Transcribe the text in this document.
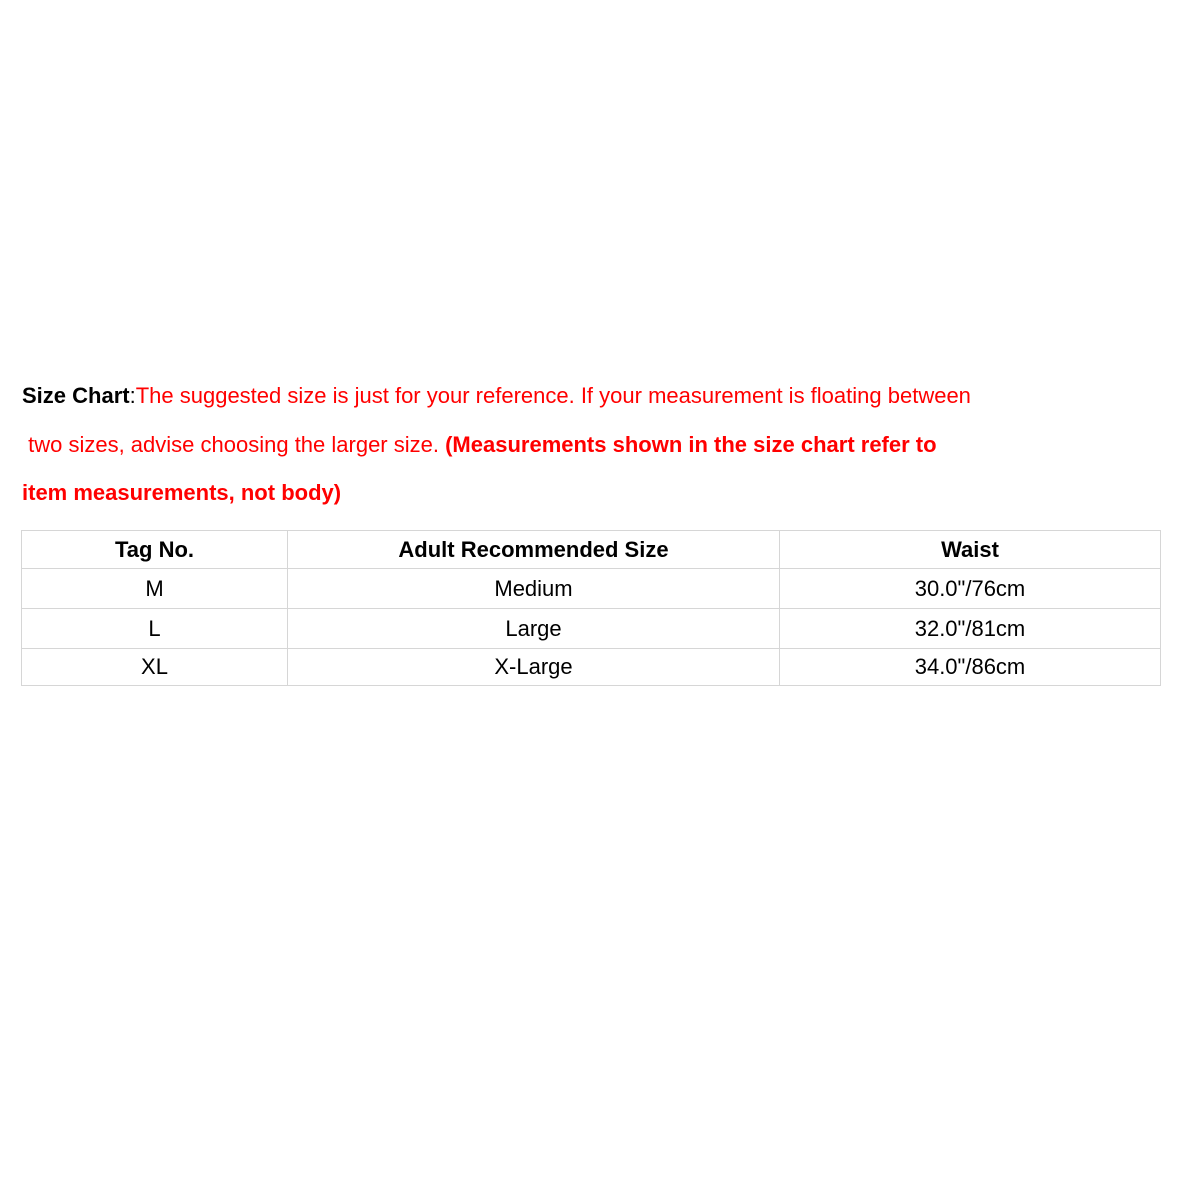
Size Chart:The suggested size is just for your reference. If your measurement is floating between
two sizes, advise choosing the larger size. (Measurements shown in the size chart refer to
item measurements, not body)
Tag No.	Adult Recommended Size	Waist
M	Medium	30.0"/76cm
L	Large	32.0"/81cm
XL	X-Large	34.0"/86cm
